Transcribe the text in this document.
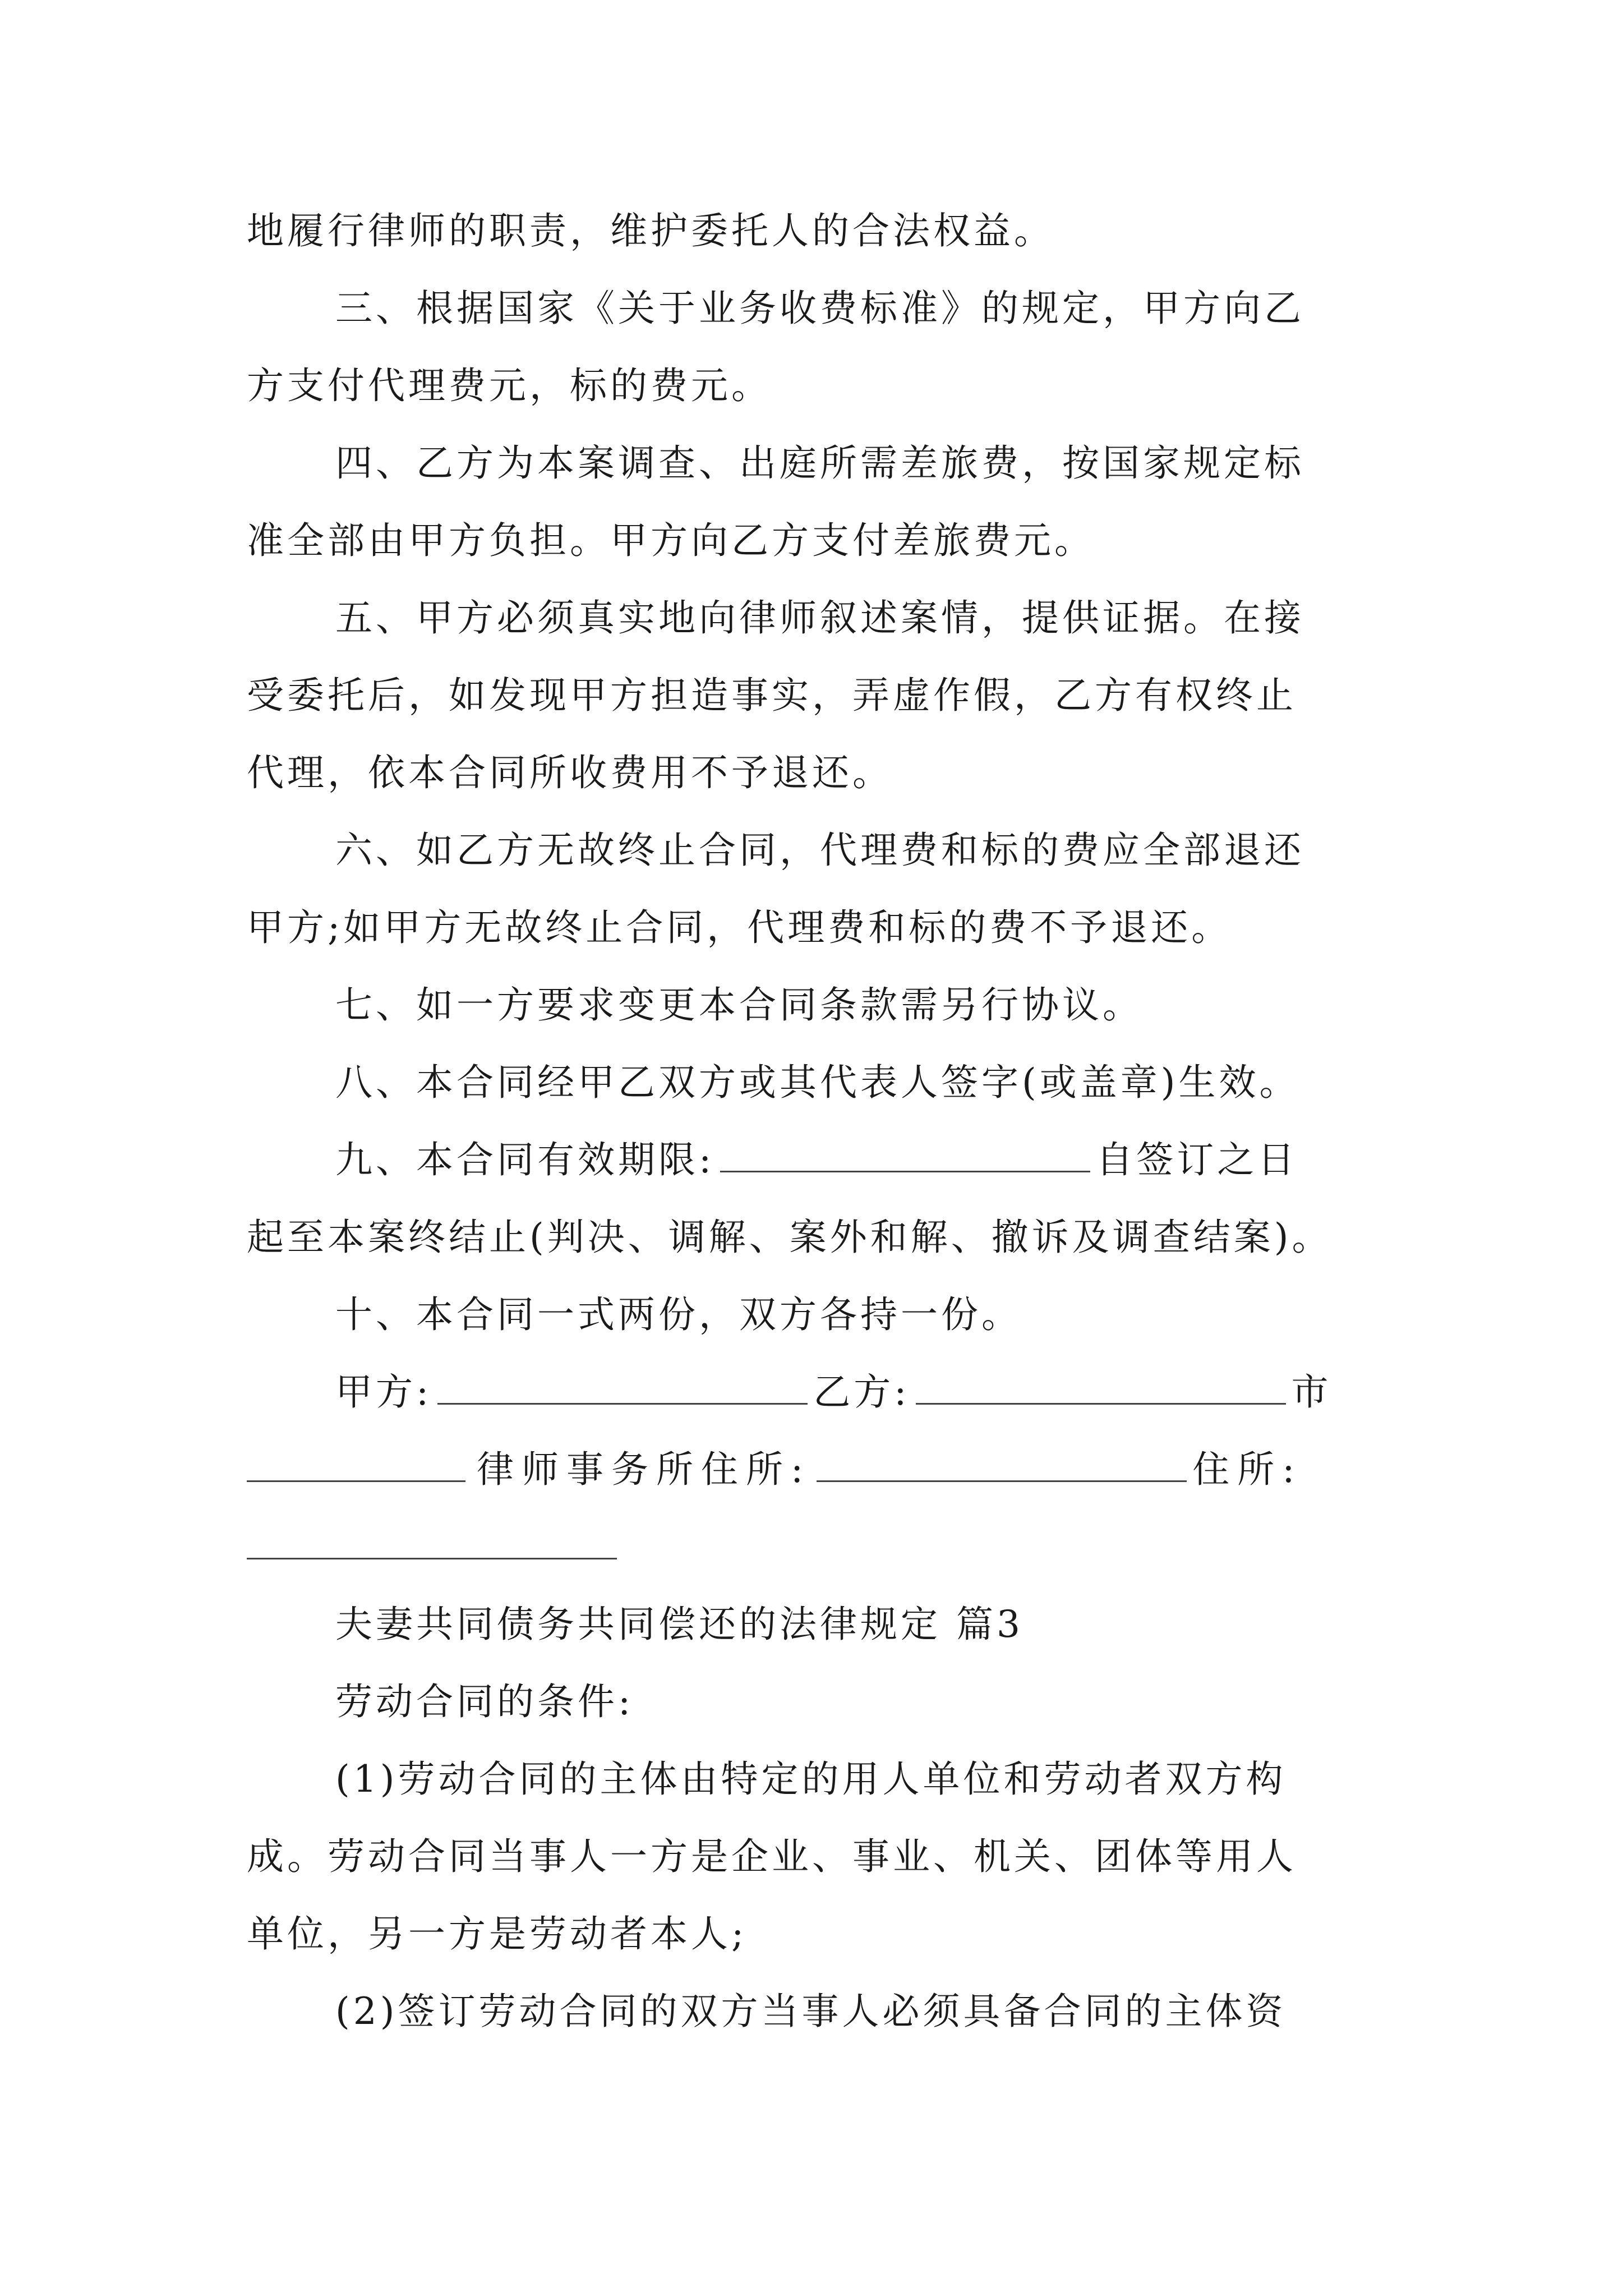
地履行律师的职责，维护委托人的合法权益。
三、根据国家《关于业务收费标准》的规定，甲方向乙
方支付代理费元，标的费元。
四、乙方为本案调查、出庭所需差旅费，按国家规定标
准全部由甲方负担。甲方向乙方支付差旅费元。
五、甲方必须真实地向律师叙述案情，提供证据。在接
受委托后，如发现甲方担造事实，弄虚作假，乙方有权终止
代理，依本合同所收费用不予退还。
六、如乙方无故终止合同，代理费和标的费应全部退还
甲方;如甲方无故终止合同，代理费和标的费不予退还。
七、如一方要求变更本合同条款需另行协议。
八、本合同经甲乙双方或其代表人签字(或盖章)生效。
九、本合同有效期限:	自签订之日
起至本案终结止(判决、调解、案外和解、撤诉及调查结案)。
十、本合同一式两份，双方各持一份。
甲方:	乙方:	市
律师事务所住所:	住所:
夫妻共同债务共同偿还的法律规定 篇3
劳动合同的条件:
(1)劳动合同的主体由特定的用人单位和劳动者双方构
成。劳动合同当事人一方是企业、事业、机关、团体等用人
单位，另一方是劳动者本人;
(2)签订劳动合同的双方当事人必须具备合同的主体资
